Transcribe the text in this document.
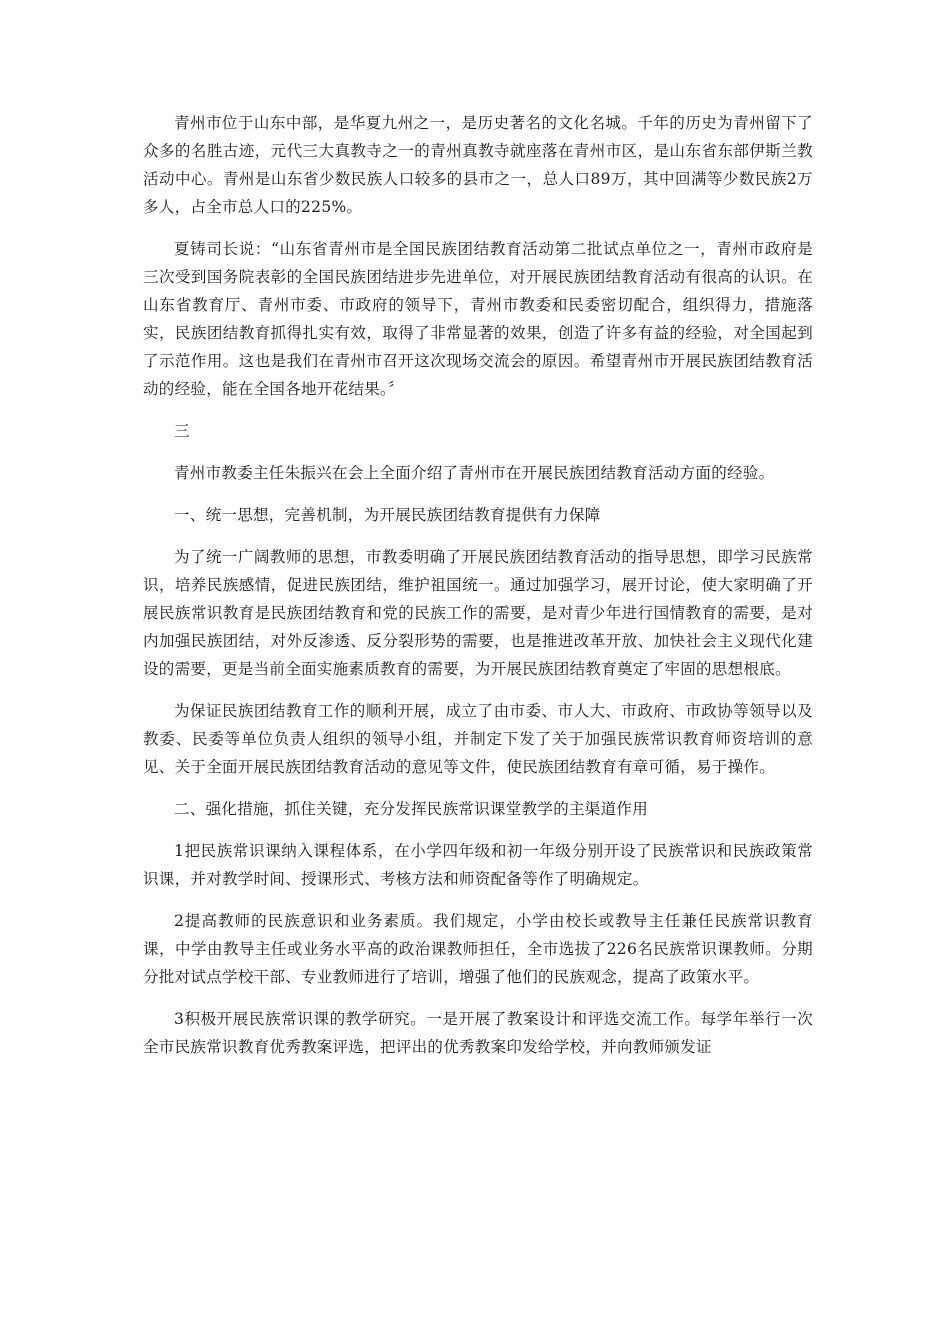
青州市位于山东中部，是华夏九州之一，是历史著名的文化名城。千年的历史为青州留下了众多的名胜古迹，元代三大真教寺之一的青州真教寺就座落在青州市区，是山东省东部伊斯兰教活动中心。青州是山东省少数民族人口较多的县市之一，总人口89万，其中回满等少数民族2万多人，占全市总人口的225%。

夏铸司长说：“山东省青州市是全国民族团结教育活动第二批试点单位之一，青州市政府是三次受到国务院表彰的全国民族团结进步先进单位，对开展民族团结教育活动有很高的认识。在山东省教育厅、青州市委、市政府的领导下，青州市教委和民委密切配合，组织得力，措施落实，民族团结教育抓得扎实有效，取得了非常显著的效果，创造了许多有益的经验，对全国起到了示范作用。这也是我们在青州市召开这次现场交流会的原因。希望青州市开展民族团结教育活动的经验，能在全国各地开花结果。〞

三

青州市教委主任朱振兴在会上全面介绍了青州市在开展民族团结教育活动方面的经验。

一、统一思想，完善机制，为开展民族团结教育提供有力保障

为了统一广阔教师的思想，市教委明确了开展民族团结教育活动的指导思想，即学习民族常识，培养民族感情，促进民族团结，维护祖国统一。通过加强学习，展开讨论，使大家明确了开展民族常识教育是民族团结教育和党的民族工作的需要，是对青少年进行国情教育的需要，是对内加强民族团结，对外反渗透、反分裂形势的需要，也是推进改革开放、加快社会主义现代化建设的需要，更是当前全面实施素质教育的需要，为开展民族团结教育奠定了牢固的思想根底。

为保证民族团结教育工作的顺利开展，成立了由市委、市人大、市政府、市政协等领导以及教委、民委等单位负责人组织的领导小组，并制定下发了关于加强民族常识教育师资培训的意见、关于全面开展民族团结教育活动的意见等文件，使民族团结教育有章可循，易于操作。

二、强化措施，抓住关键，充分发挥民族常识课堂教学的主渠道作用

1把民族常识课纳入课程体系，在小学四年级和初一年级分别开设了民族常识和民族政策常识课，并对教学时间、授课形式、考核方法和师资配备等作了明确规定。

2提高教师的民族意识和业务素质。我们规定，小学由校长或教导主任兼任民族常识教育课，中学由教导主任或业务水平高的政治课教师担任，全市选拔了226名民族常识课教师。分期分批对试点学校干部、专业教师进行了培训，增强了他们的民族观念，提高了政策水平。

3积极开展民族常识课的教学研究。一是开展了教案设计和评选交流工作。每学年举行一次全市民族常识教育优秀教案评选，把评出的优秀教案印发给学校，并向教师颁发证
